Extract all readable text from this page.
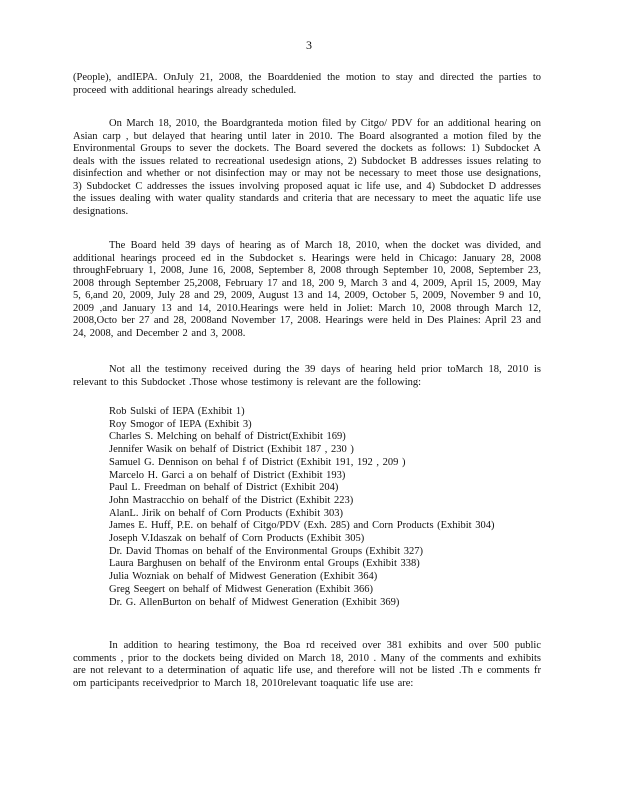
3

(People), andIEPA. OnJuly 21, 2008, the Boarddenied the motion to stay and directed the parties to proceed with additional hearings already scheduled.

On March 18, 2010, the Boardgranteda motion filed by Citgo/ PDV for an additional hearing on Asian carp , but delayed that hearing until later in 2010. The Board alsogranted a motion filed by the Environmental Groups to sever the dockets. The Board severed the dockets as follows: 1) Subdocket A deals with the issues related to recreational usedesign ations, 2) Subdocket B addresses issues relating to disinfection and whether or not disinfection may or may not be necessary to meet those use designations, 3) Subdocket C addresses the issues involving proposed aquat ic life use, and 4) Subdocket D addresses the issues dealing with water quality standards and criteria that are necessary to meet the aquatic life use designations.

The Board held 39 days of hearing as of March 18, 2010, when the docket was divided, and additional hearings proceed ed in the Subdocket s. Hearings were held in Chicago: January 28, 2008 throughFebruary 1, 2008, June 16, 2008, September 8, 2008 through September 10, 2008, September 23, 2008 through September 25,2008, February 17 and 18, 200 9, March 3 and 4, 2009, April 15, 2009, May 5, 6,and 20, 2009, July 28 and 29, 2009, August 13 and 14, 2009, October 5, 2009, November 9 and 10, 2009 ,and January 13 and 14, 2010.Hearings were held in Joliet: March 10, 2008 through March 12, 2008,Octo ber 27 and 28, 2008and November 17, 2008. Hearings were held in Des Plaines: April 23 and 24, 2008, and December 2 and 3, 2008.

Not all the testimony received during the 39 days of hearing held prior toMarch 18, 2010 is relevant to this Subdocket .Those whose testimony is relevant are the following:

Rob Sulski of IEPA (Exhibit 1)
Roy Smogor of IEPA (Exhibit 3)
Charles S. Melching on behalf of District(Exhibit 169)
Jennifer Wasik on behalf of District (Exhibit 187 , 230 )
Samuel G. Dennison on behal f of District (Exhibit 191, 192 , 209 )
Marcelo H. Garci a on behalf of District (Exhibit 193)
Paul L. Freedman on behalf of District (Exhibit 204)
John Mastracchio on behalf of the District (Exhibit 223)
AlanL. Jirik on behalf of Corn Products (Exhibit 303)
James E. Huff, P.E. on behalf of Citgo/PDV (Exh. 285) and Corn Products (Exhibit 304)
Joseph V.Idaszak on behalf of Corn Products (Exhibit 305)
Dr. David Thomas on behalf of the Environmental Groups (Exhibit 327)
Laura Barghusen on behalf of the Environm ental Groups (Exhibit 338)
Julia Wozniak on behalf of Midwest Generation (Exhibit 364)
Greg Seegert on behalf of Midwest Generation (Exhibit 366)
Dr. G. AllenBurton on behalf of Midwest Generation (Exhibit 369)

In addition to hearing testimony, the Boa rd received over 381 exhibits and over 500 public comments , prior to the dockets being divided on March 18, 2010 . Many of the comments and exhibits are not relevant to a determination of aquatic life use, and therefore will not be listed .Th e comments fr om participants receivedprior to March 18, 2010relevant toaquatic life use are:
